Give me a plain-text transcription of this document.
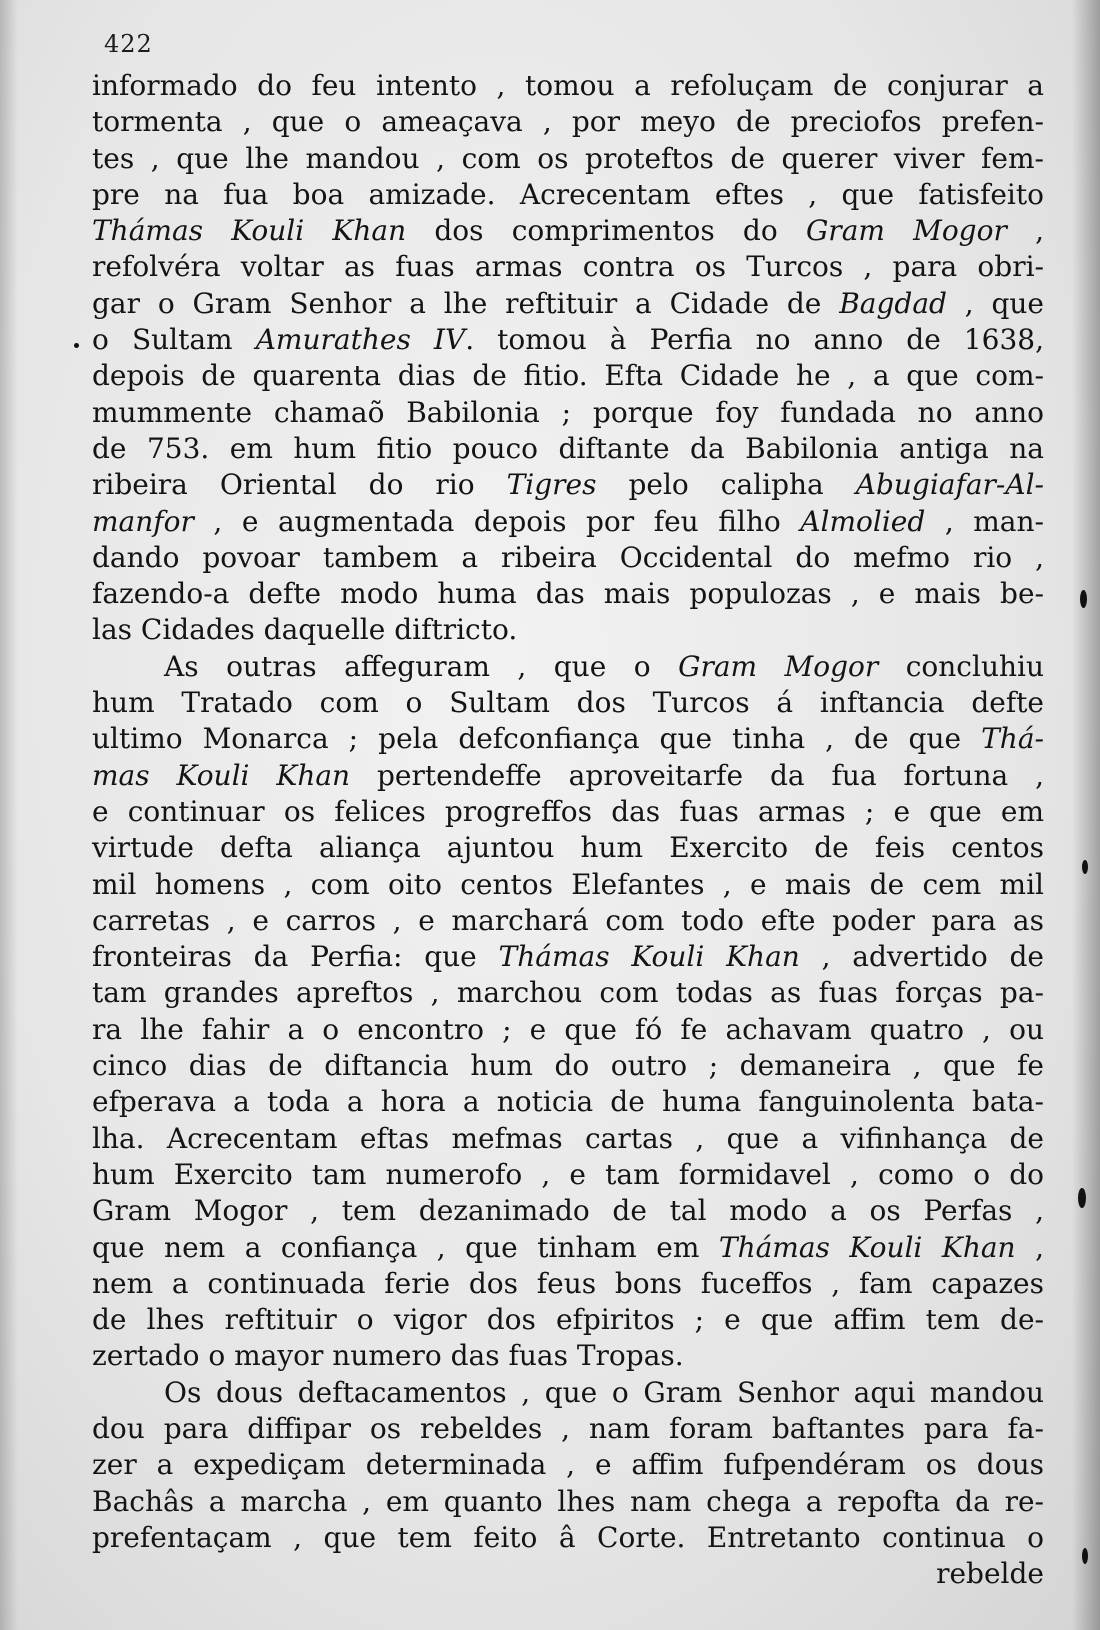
422
informado do feu intento , tomou a refoluçam de conjurar a
tormenta , que o ameaçava , por meyo de preciofos prefen-
tes , que lhe mandou , com os proteftos de querer viver fem-
pre na fua boa amizade. Acrecentam eftes , que fatisfeito
Thámas Kouli Khan dos comprimentos do Gram Mogor ,
refolvéra voltar as fuas armas contra os Turcos , para obri-
gar o Gram Senhor a lhe reftituir a Cidade de Bagdad , que
o Sultam Amurathes IV. tomou à Perfia no anno de 1638,
depois de quarenta dias de fitio. Efta Cidade he , a que com-
mummente chamaõ Babilonia ; porque foy fundada no anno
de 753. em hum fitio pouco diftante da Babilonia antiga na
ribeira Oriental do rio Tigres pelo calipha Abugiafar-Al-
manfor , e augmentada depois por feu filho Almolied , man-
dando povoar tambem a ribeira Occidental do mefmo rio ,
fazendo-a defte modo huma das mais populozas , e mais be-
las Cidades daquelle diftricto.
As outras affeguram , que o Gram Mogor concluhiu
hum Tratado com o Sultam dos Turcos á inftancia defte
ultimo Monarca ; pela defconfiança que tinha , de que Thá-
mas Kouli Khan pertendeffe aproveitarfe da fua fortuna ,
e continuar os felices progreffos das fuas armas ; e que em
virtude defta aliança ajuntou hum Exercito de feis centos
mil homens , com oito centos Elefantes , e mais de cem mil
carretas , e carros , e marchará com todo efte poder para as
fronteiras da Perfia: que Thámas Kouli Khan , advertido de
tam grandes apreftos , marchou com todas as fuas forças pa-
ra lhe fahir a o encontro ; e que fó fe achavam quatro , ou
cinco dias de diftancia hum do outro ; demaneira , que fe
efperava a toda a hora a noticia de huma fanguinolenta bata-
lha. Acrecentam eftas mefmas cartas , que a vifinhança de
hum Exercito tam numerofo , e tam formidavel , como o do
Gram Mogor , tem dezanimado de tal modo a os Perfas ,
que nem a confiança , que tinham em Thámas Kouli Khan ,
nem a continuada ferie dos feus bons fuceffos , fam capazes
de lhes reftituir o vigor dos efpiritos ; e que affim tem de-
zertado o mayor numero das fuas Tropas.
Os dous deftacamentos , que o Gram Senhor aqui mandou
dou para diffipar os rebeldes , nam foram baftantes para fa-
zer a expediçam determinada , e affim fufpendéram os dous
Bachâs a marcha , em quanto lhes nam chega a repofta da re-
prefentaçam , que tem feito â Corte. Entretanto continua o
rebelde
